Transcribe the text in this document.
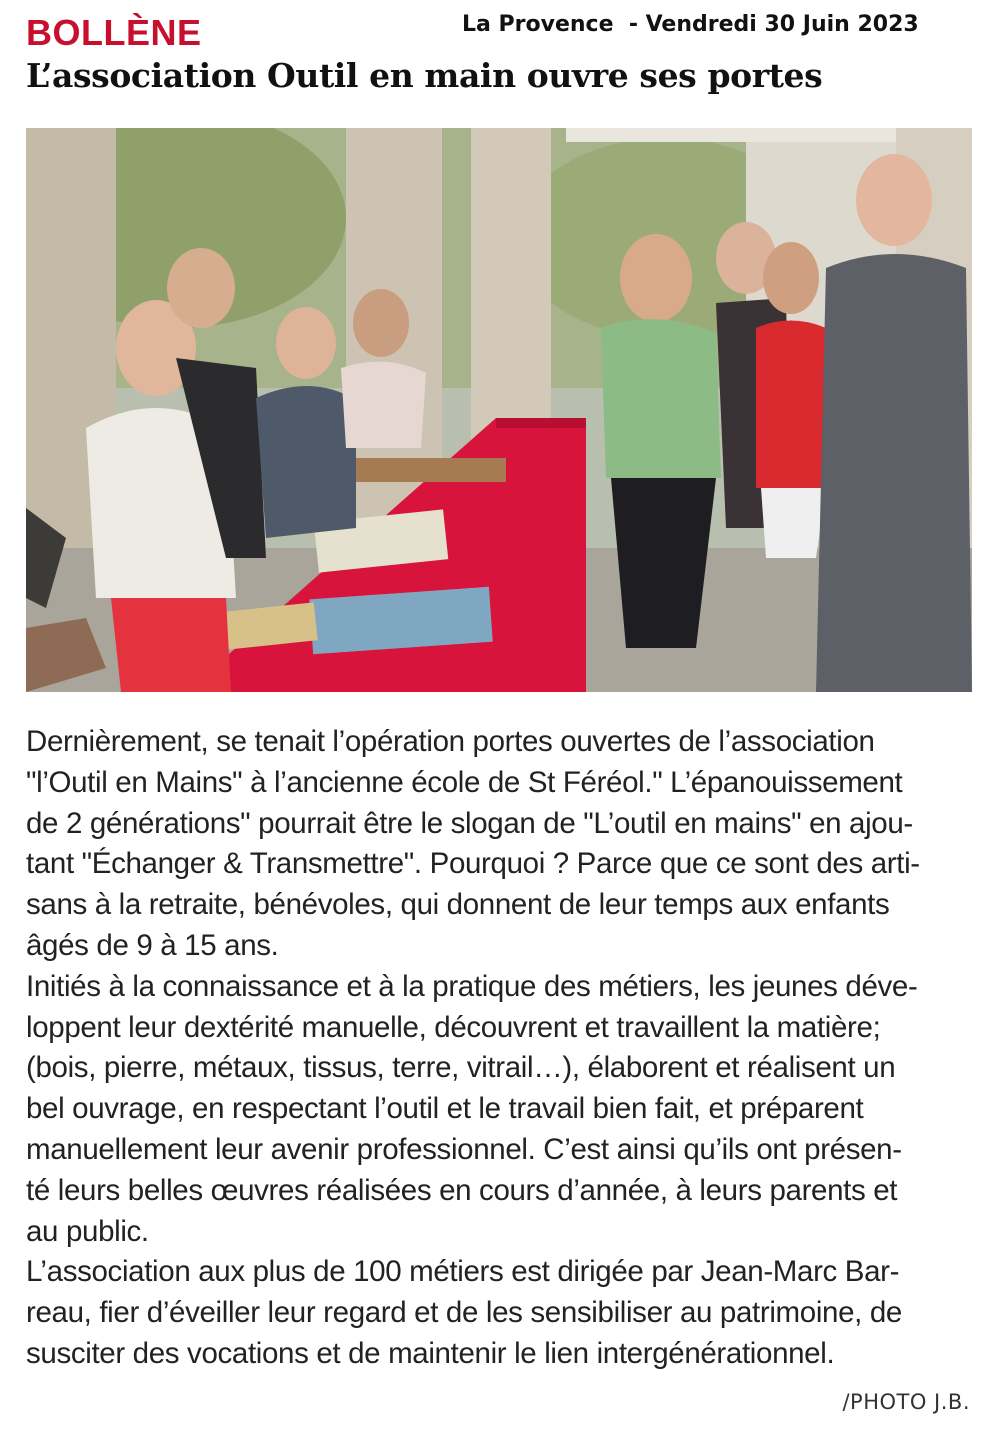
BOLLÈNE	La Provence  - Vendredi 30 Juin 2023
L’association Outil en main ouvre ses portes

Dernièrement, se tenait l’opération portes ouvertes de l’association

"l’Outil en Mains" à l’ancienne école de St Féréol." L’épanouissement

de 2 générations" pourrait être le slogan de "L’outil en mains" en ajou-

tant "Échanger & Transmettre". Pourquoi ? Parce que ce sont des arti-

sans à la retraite, bénévoles, qui donnent de leur temps aux enfants

âgés de 9 à 15 ans.

Initiés à la connaissance et à la pratique des métiers, les jeunes déve-

loppent leur dextérité manuelle, découvrent et travaillent la matière;

(bois, pierre, métaux, tissus, terre, vitrail…), élaborent et réalisent un

bel ouvrage, en respectant l’outil et le travail bien fait, et préparent

manuellement leur avenir professionnel. C’est ainsi qu’ils ont présen-

té leurs belles œuvres réalisées en cours d’année, à leurs parents et

au public.

L’association aux plus de 100 métiers est dirigée par Jean-Marc Bar-

reau, fier d’éveiller leur regard et de les sensibiliser au patrimoine, de

susciter des vocations et de maintenir le lien intergénérationnel.

/PHOTO J.B.
